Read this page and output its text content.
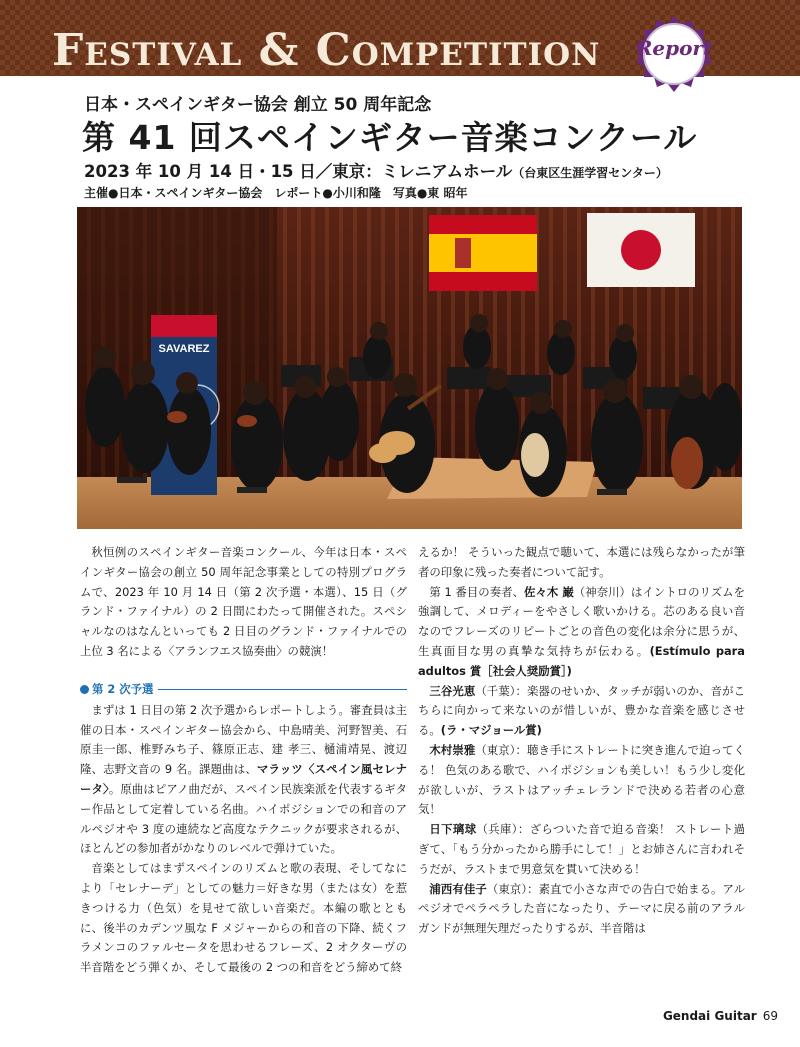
Festival & Competition	Report
日本・スペインギター協会 創立 50 周年記念
第 41 回スペインギター音楽コンクール
2023 年 10 月 14 日・15 日／東京：ミレニアムホール（台東区生涯学習センター）
主催●日本・スペインギター協会　レポート●小川和隆　写真●東 昭年
SAVAREZ

秋恒例のスペインギター音楽コンクール、今年は日本・スペインギター協会の創立 50 周年記念事業としての特別プログラムで、2023 年 10 月 14 日（第 2 次予選・本選）、15 日（グランド・ファイナル）の 2 日間にわたって開催された。スペシャルなのはなんといっても 2 日目のグランド・ファイナルでの上位 3 名による〈アランフエス協奏曲〉の競演！

第 2 次予選

まずは 1 日目の第 2 次予選からレポートしよう。審査員は主催の日本・スペインギター協会から、中島晴美、河野智美、石原圭一郎、椎野みち子、篠原正志、建 孝三、樋浦靖晃、渡辺 隆、志野文音の 9 名。課題曲は、マラッツ〈スペイン風セレナータ〉。原曲はピアノ曲だが、スペイン民族楽派を代表するギター作品として定着している名曲。ハイポジションでの和音のアルペジオや 3 度の連続など高度なテクニックが要求されるが、ほとんどの参加者がかなりのレベルで弾けていた。

音楽としてはまずスペインのリズムと歌の表現、そしてなにより「セレナーデ」としての魅力＝好きな男（または女）を惹きつける力（色気）を見せて欲しい音楽だ。本編の歌とともに、後半のカデンツ風な F メジャーからの和音の下降、続くフラメンコのファルセータを思わせるフレーズ、2 オクターヴの半音階をどう弾くか、そして最後の 2 つの和音をどう締めて終

えるか！ そういった観点で聴いて、本選には残らなかったが筆者の印象に残った奏者について記す。

第 1 番目の奏者、佐々木 巌（神奈川）はイントロのリズムを強調して、メロディーをやさしく歌いかける。芯のある良い音なのでフレーズのリピートごとの音色の変化は余分に思うが、生真面目な男の真摯な気持ちが伝わる。(Estímulo para adultos 賞［社会人奨励賞］)

三谷光恵（千葉）：楽器のせいか、タッチが弱いのか、音がこちらに向かって来ないのが惜しいが、豊かな音楽を感じさせる。(ラ・マジョール賞)

木村崇雅（東京）：聴き手にストレートに突き進んで迫ってくる！ 色気のある歌で、ハイポジションも美しい！もう少し変化が欲しいが、ラストはアッチェレランドで決める若者の心意気！

日下璃球（兵庫）：ざらついた音で迫る音楽！ ストレート過ぎて、「もう分かったから勝手にして！」とお姉さんに言われそうだが、ラストまで男意気を貫いて決める！

浦西有佳子（東京）：素直で小さな声での告白で始まる。アルペジオでペラペラした音になったり、テーマに戻る前のアラルガンドが無理矢理だったりするが、半音階は

Gendai Guitar 69
